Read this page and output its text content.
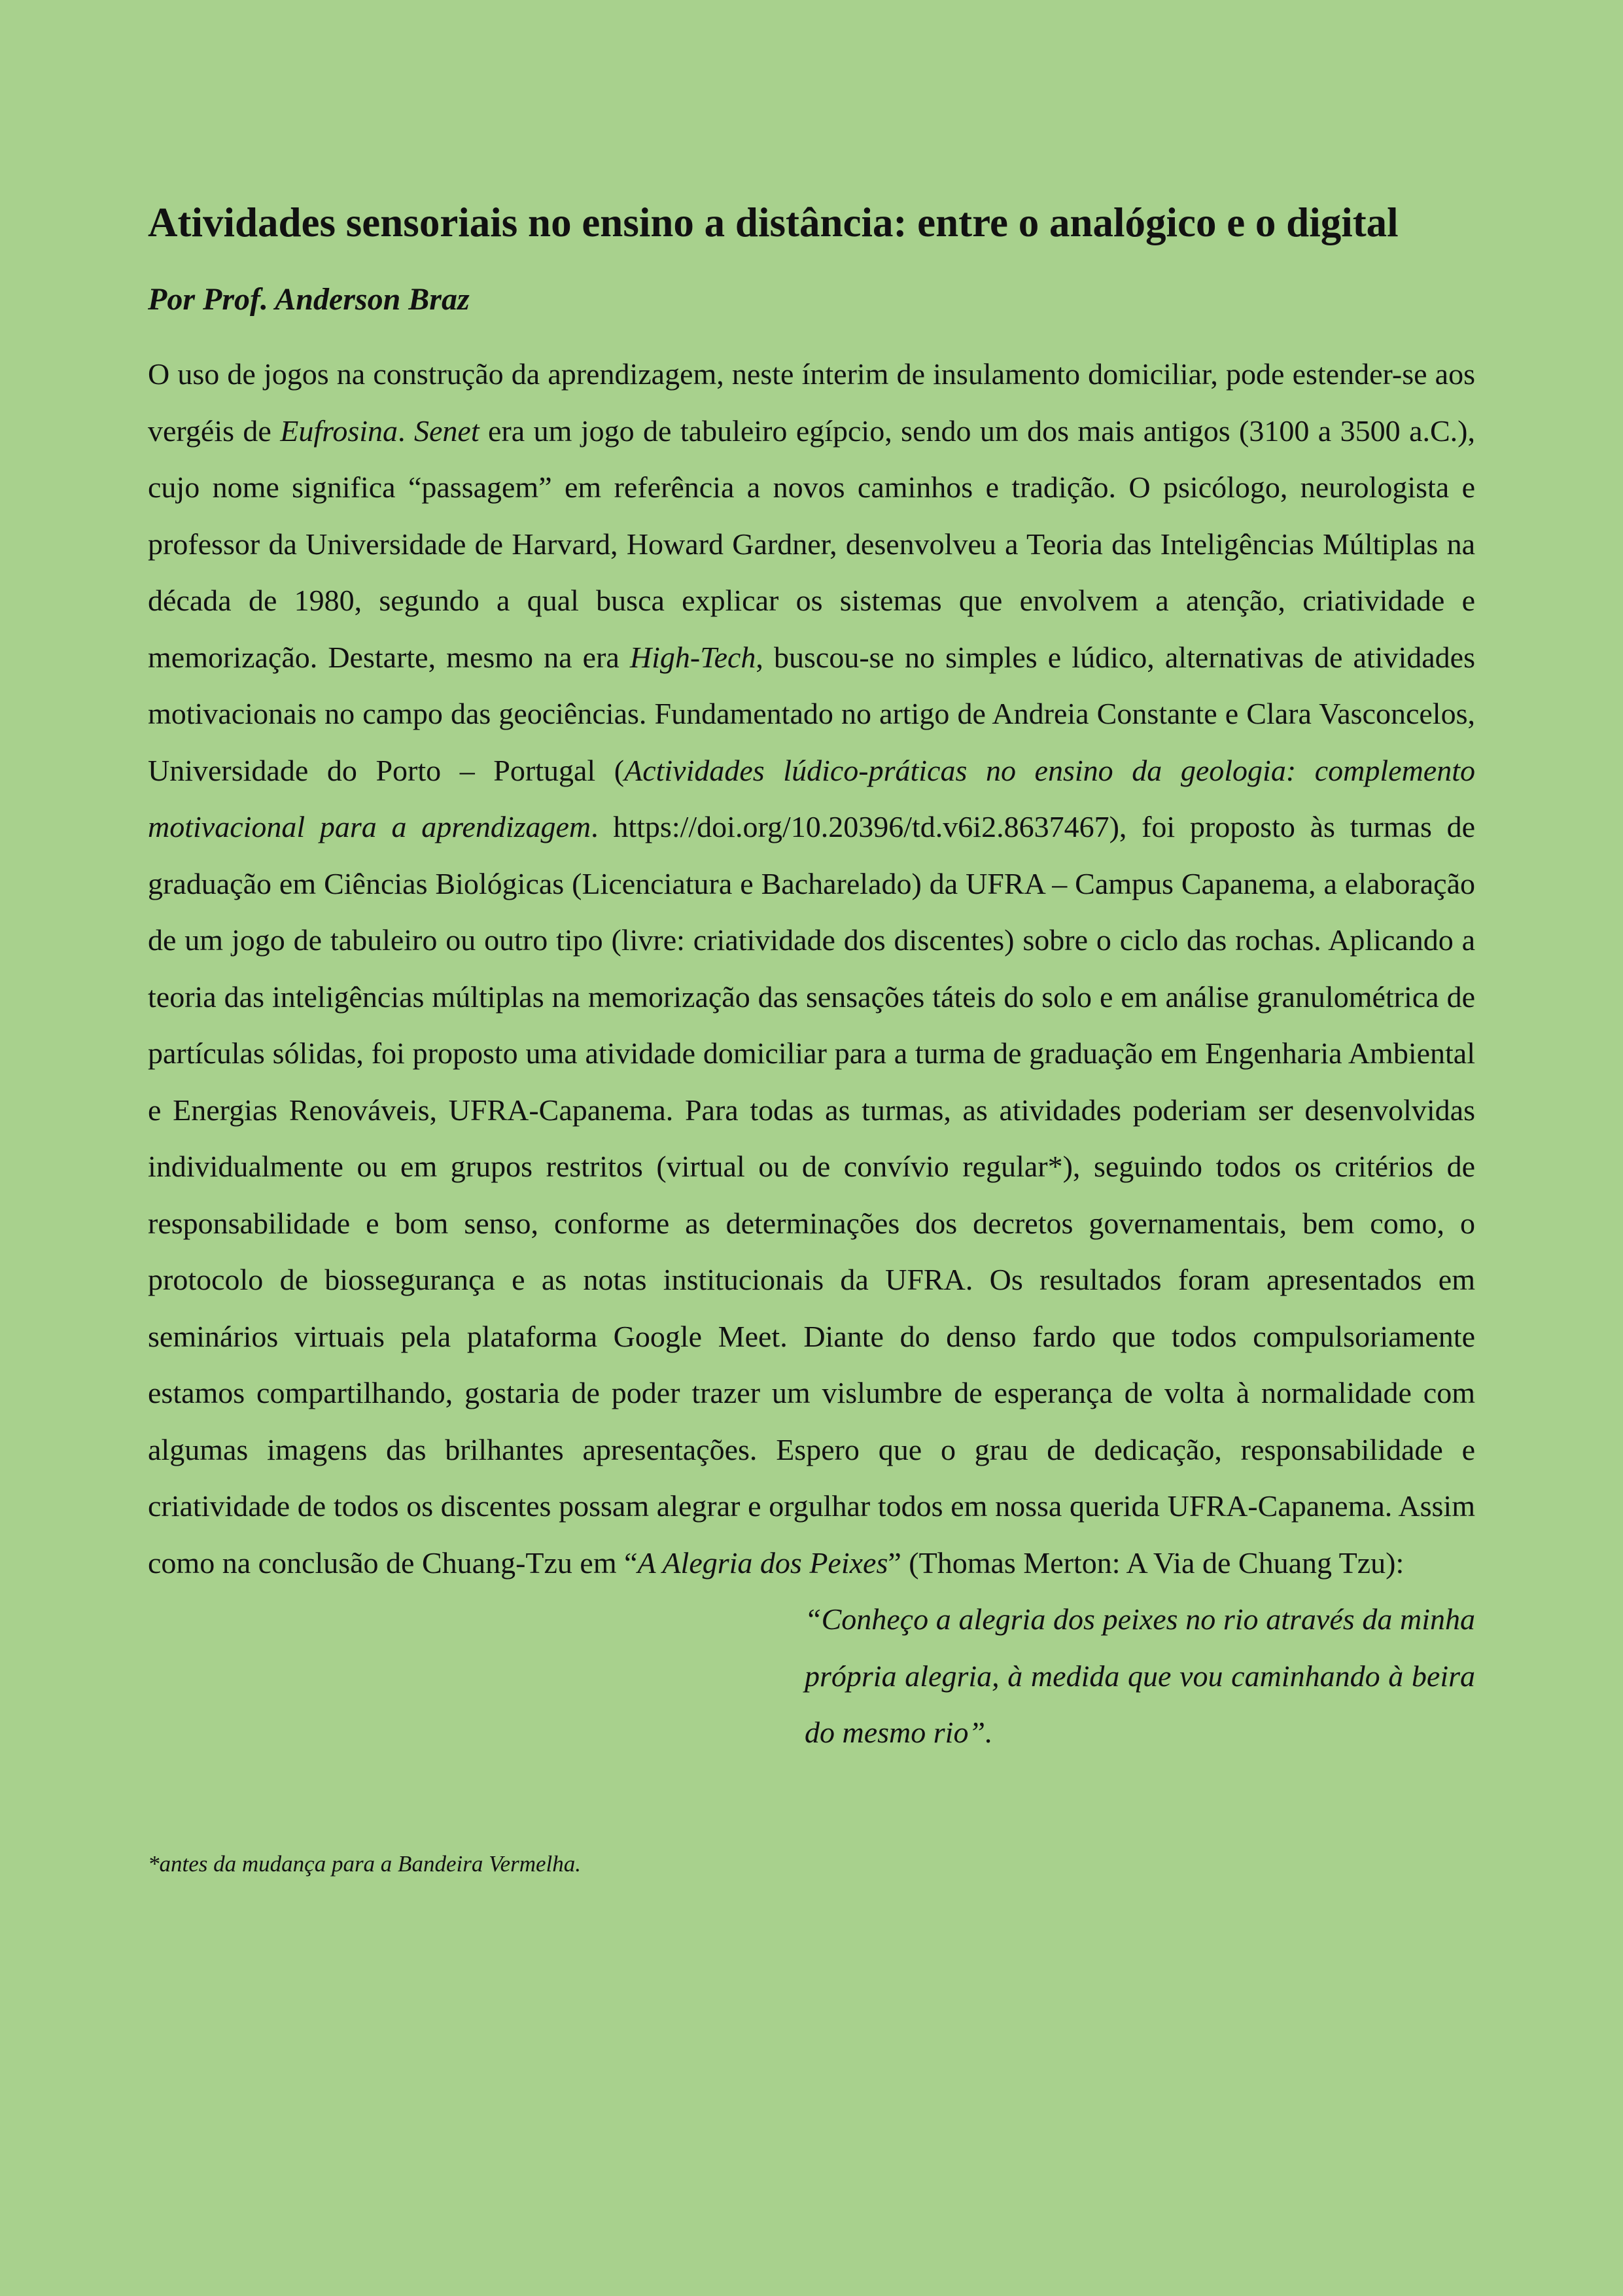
Atividades sensoriais no ensino a distância: entre o analógico e o digital

Por Prof. Anderson Braz

O uso de jogos na construção da aprendizagem, neste ínterim de insulamento domiciliar, pode estender-se aos vergéis de Eufrosina. Senet era um jogo de tabuleiro egípcio, sendo um dos mais antigos (3100 a 3500 a.C.), cujo nome significa “passagem” em referência a novos caminhos e tradição. O psicólogo, neurologista e professor da Universidade de Harvard, Howard Gardner, desenvolveu a Teoria das Inteligências Múltiplas na década de 1980, segundo a qual busca explicar os sistemas que envolvem a atenção, criatividade e memorização. Destarte, mesmo na era High-Tech, buscou-se no simples e lúdico, alternativas de atividades motivacionais no campo das geociências. Fundamentado no artigo de Andreia Constante e Clara Vasconcelos, Universidade do Porto – Portugal (Actividades lúdico-práticas no ensino da geologia: complemento motivacional para a aprendizagem. https://doi.org/10.20396/td.v6i2.8637467), foi proposto às turmas de graduação em Ciências Biológicas (Licenciatura e Bacharelado) da UFRA – Campus Capanema, a elaboração de um jogo de tabuleiro ou outro tipo (livre: criatividade dos discentes) sobre o ciclo das rochas. Aplicando a teoria das inteligências múltiplas na memorização das sensações táteis do solo e em análise granulométrica de partículas sólidas, foi proposto uma atividade domiciliar para a turma de graduação em Engenharia Ambiental e Energias Renováveis, UFRA-Capanema. Para todas as turmas, as atividades poderiam ser desenvolvidas individualmente ou em grupos restritos (virtual ou de convívio regular*), seguindo todos os critérios de responsabilidade e bom senso, conforme as determinações dos decretos governamentais, bem como, o protocolo de biossegurança e as notas institucionais da UFRA. Os resultados foram apresentados em seminários virtuais pela plataforma Google Meet. Diante do denso fardo que todos compulsoriamente estamos compartilhando, gostaria de poder trazer um vislumbre de esperança de volta à normalidade com algumas imagens das brilhantes apresentações. Espero que o grau de dedicação, responsabilidade e criatividade de todos os discentes possam alegrar e orgulhar todos em nossa querida UFRA-Capanema. Assim como na conclusão de Chuang-Tzu em “A Alegria dos Peixes” (Thomas Merton: A Via de Chuang Tzu):

“Conheço a alegria dos peixes no rio através da minha própria alegria, à medida que vou caminhando à beira do mesmo rio”.

*antes da mudança para a Bandeira Vermelha.
